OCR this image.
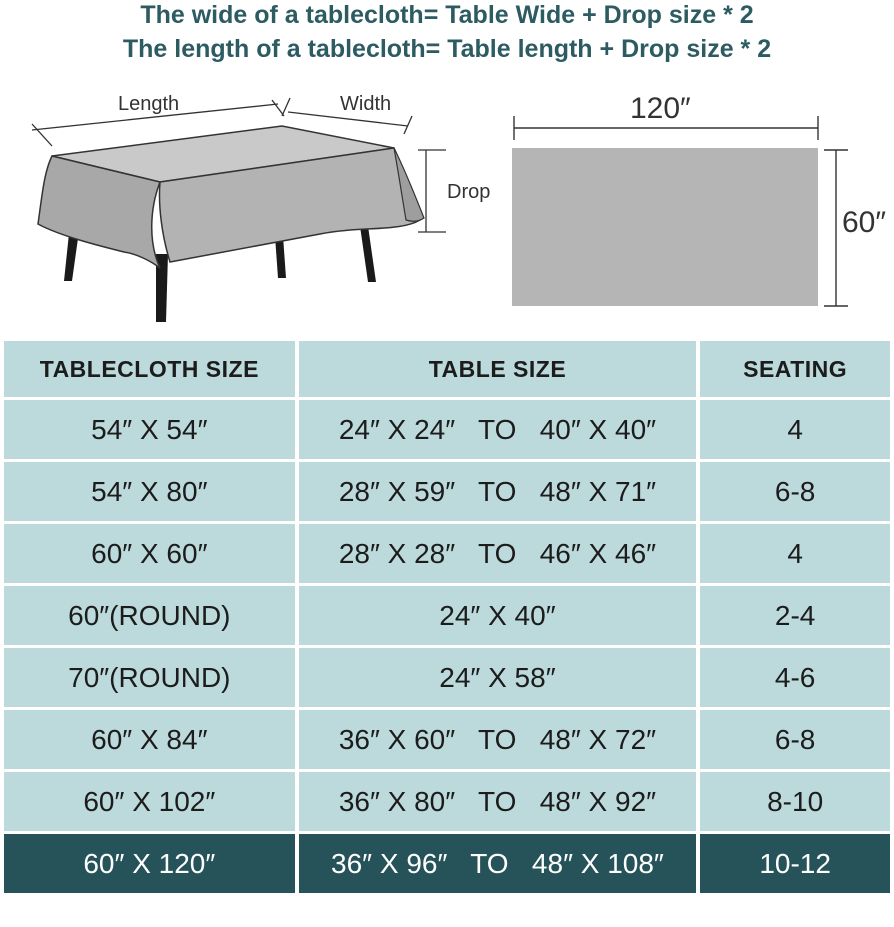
The wide of a tablecloth= Table Wide + Drop size * 2

The length of a tablecloth= Table length + Drop size * 2

Length	Width
Drop
120″
60″
TABLECLOTH SIZE	TABLE SIZE	SEATING
54″ X 54″	24″ X 24″   TO   40″ X 40″	4
54″ X 80″	28″ X 59″   TO   48″ X 71″	6-8
60″ X 60″	28″ X 28″   TO   46″ X 46″	4
60″(ROUND)	24″ X 40″	2-4
70″(ROUND)	24″ X 58″	4-6
60″ X 84″	36″ X 60″   TO   48″ X 72″	6-8
60″ X 102″	36″ X 80″   TO   48″ X 92″	8-10
60″ X 120″	36″ X 96″   TO   48″ X 108″	10-12
